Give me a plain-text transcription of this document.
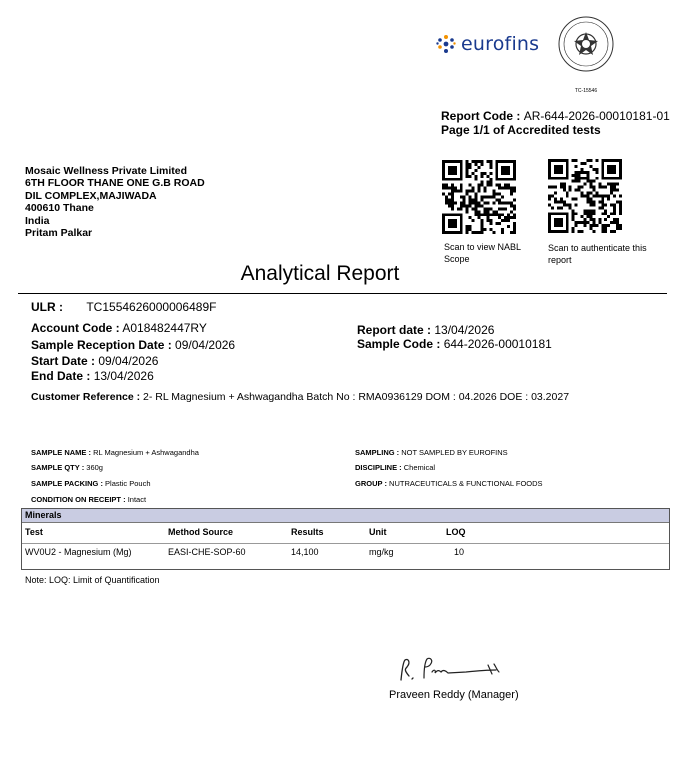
eurofins
TC-15546
Report Code : AR-644-2026-00010181-01
Page 1/1 of Accredited tests
Mosaic Wellness Private Limited
6TH FLOOR THANE ONE G.B ROAD
DIL COMPLEX,MAJIWADA
400610 Thane
India
Pritam Palkar
Scan to view NABL Scope
Scan to authenticate this report
Analytical Report
ULR : TC1554626000006489F
Account Code : A018482447RY
Sample Reception Date : 09/04/2026
Start Date : 09/04/2026
End Date : 13/04/2026
Report date : 13/04/2026
Sample Code : 644-2026-00010181
Customer Reference : 2- RL Magnesium + Ashwagandha Batch No : RMA0936129 DOM : 04.2026 DOE : 03.2027
SAMPLE NAME : RL Magnesium + Ashwagandha
SAMPLE QTY : 360g
SAMPLE PACKING : Plastic Pouch
CONDITION ON RECEIPT : Intact
SAMPLING : NOT SAMPLED BY EUROFINS
DISCIPLINE : Chemical
GROUP : NUTRACEUTICALS & FUNCTIONAL FOODS
Minerals
Test	Method Source	Results	Unit	LOQ
WV0U2 - Magnesium (Mg)	EASI-CHE-SOP-60	14,100	mg/kg	10
Note: LOQ: Limit of Quantification
Praveen Reddy (Manager)
